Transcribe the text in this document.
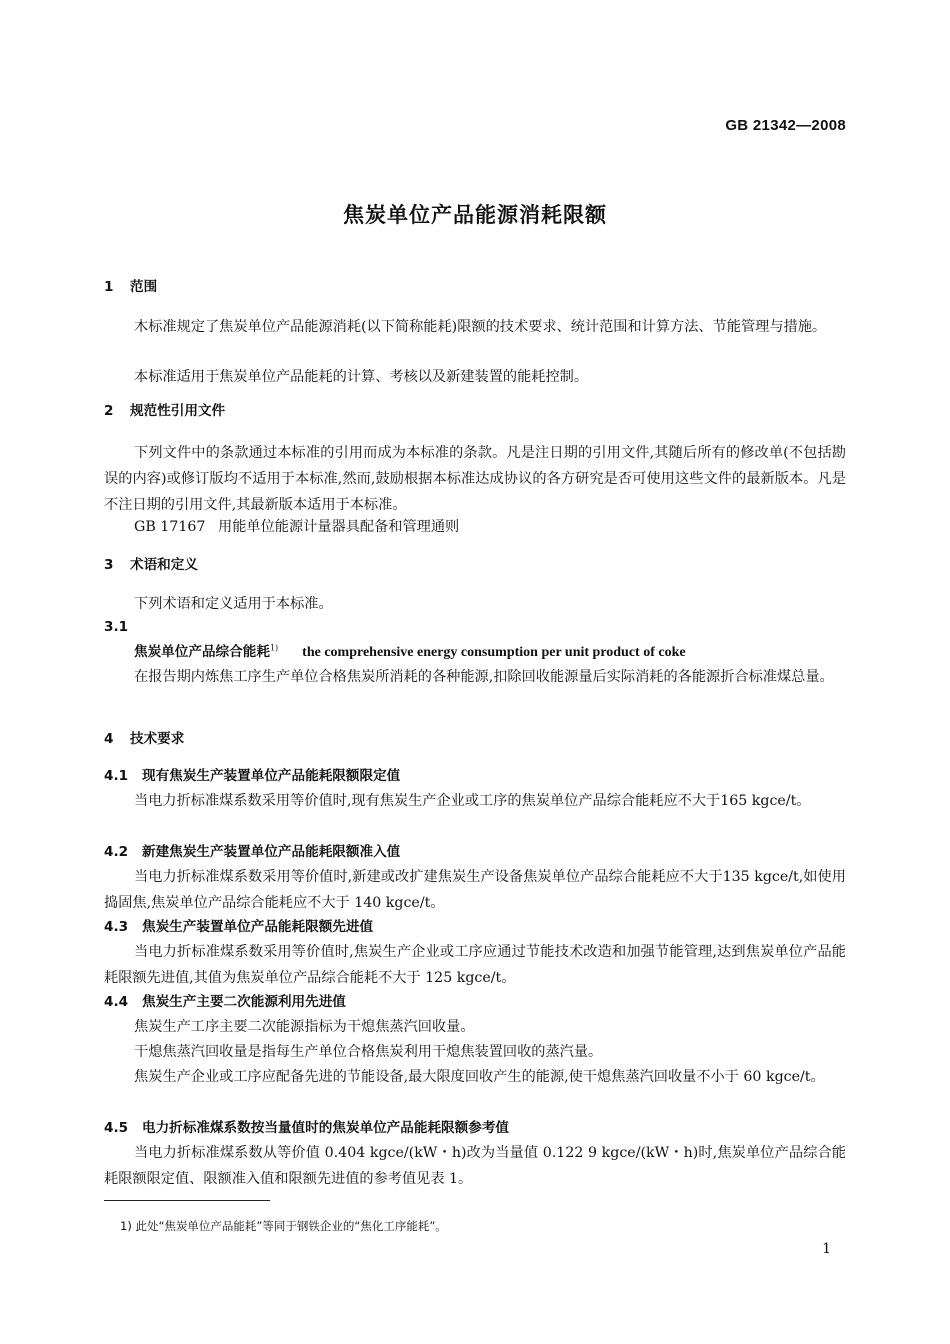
GB 21342—2008
焦炭单位产品能源消耗限额
1 范围
木标准规定了焦炭单位产品能源消耗(以下简称能耗)限额的技术要求、统计范围和计算方法、节能管理与措施。
本标准适用于焦炭单位产品能耗的计算、考核以及新建装置的能耗控制。
2 规范性引用文件
下列文件中的条款通过本标准的引用而成为本标准的条款。凡是注日期的引用文件,其随后所有的修改单(不包括勘误的内容)或修订版均不适用于本标准,然而,鼓励根据本标准达成协议的各方研究是否可使用这些文件的最新版本。凡是不注日期的引用文件,其最新版本适用于本标准。
GB 17167 用能单位能源计量器具配备和管理通则
3 术语和定义
下列术语和定义适用于本标准。
3.1
焦炭单位产品综合能耗$^{1)}$ the comprehensive energy consumption per unit product of coke
在报告期内炼焦工序生产单位合格焦炭所消耗的各种能源,扣除回收能源量后实际消耗的各能源折合标准煤总量。
4 技术要求
4.1 现有焦炭生产装置单位产品能耗限额限定值
当电力折标准煤系数采用等价值时,现有焦炭生产企业或工序的焦炭单位产品综合能耗应不大于165 kgce/t。
4.2 新建焦炭生产装置单位产品能耗限额准入值
当电力折标准煤系数采用等价值时,新建或改扩建焦炭生产设备焦炭单位产品综合能耗应不大于135 kgce/t,如使用捣固焦,焦炭单位产品综合能耗应不大于 140 kgce/t。
4.3 焦炭生产装置单位产品能耗限额先进值
当电力折标准煤系数采用等价值时,焦炭生产企业或工序应通过节能技术改造和加强节能管理,达到焦炭单位产品能耗限额先进值,其值为焦炭单位产品综合能耗不大于 125 kgce/t。
4.4 焦炭生产主要二次能源利用先进值
焦炭生产工序主要二次能源指标为干熄焦蒸汽回收量。
干熄焦蒸汽回收量是指每生产单位合格焦炭利用干熄焦装置回收的蒸汽量。
焦炭生产企业或工序应配备先进的节能设备,最大限度回收产生的能源,使干熄焦蒸汽回收量不小于 60 kgce/t。
4.5 电力折标准煤系数按当量值时的焦炭单位产品能耗限额参考值
当电力折标准煤系数从等价值 0.404 kgce/(kW・h)改为当量值 0.122 9 kgce/(kW・h)时,焦炭单位产品综合能耗限额限定值、限额准入值和限额先进值的参考值见表 1。
1) 此处“焦炭单位产品能耗”等同于钢铁企业的“焦化工序能耗”。
1
